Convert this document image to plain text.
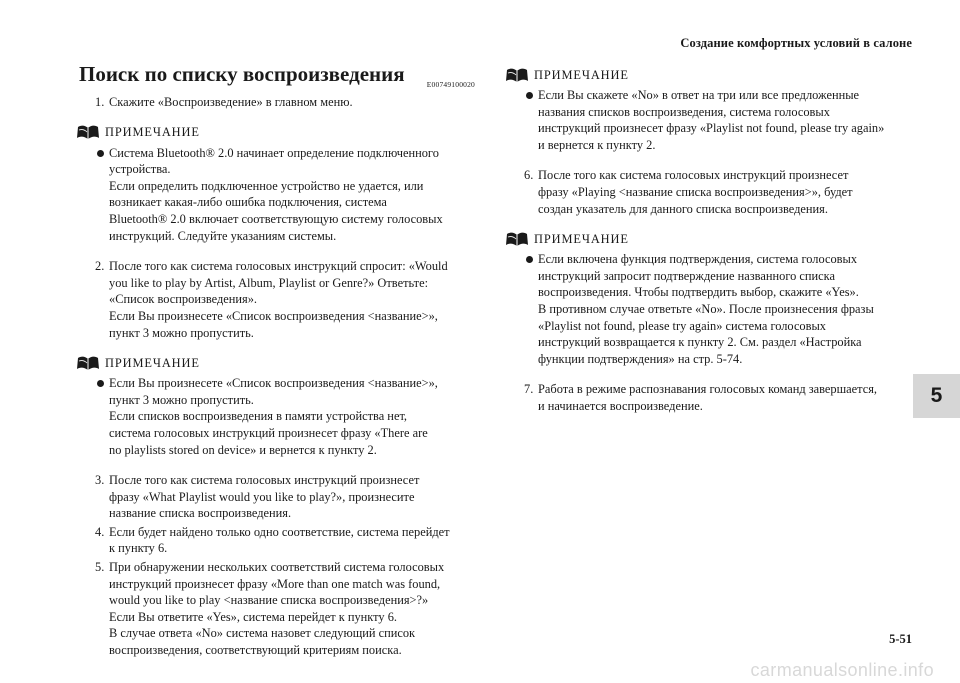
Создание комфортных условий в салоне
Поиск по списку воспроизведения	E00749100020
1. Скажите «Воспроизведение» в главном меню.
ПРИМЕЧАНИЕ
Система Bluetooth® 2.0 начинает определение подключенного
устройства.
Если определить подключенное устройство не удается, или
возникает какая-либо ошибка подключения, система
Bluetooth® 2.0 включает соответствующую систему голосовых
инструкций. Следуйте указаниям системы.
2. После того как система голосовых инструкций спросит: «Would
you like to play by Artist, Album, Playlist or Genre?» Ответьте:
«Список воспроизведения».
Если Вы произнесете «Список воспроизведения <название>»,
пункт 3 можно пропустить.
ПРИМЕЧАНИЕ
Если Вы произнесете «Список воспроизведения <название>»,
пункт 3 можно пропустить.
Если списков воспроизведения в памяти устройства нет,
система голосовых инструкций произнесет фразу «There are
no playlists stored on device» и вернется к пункту 2.
3. После того как система голосовых инструкций произнесет
фразу «What Playlist would you like to play?», произнесите
название списка воспроизведения.
4. Если будет найдено только одно соответствие, система перейдет
к пункту 6.
5. При обнаружении нескольких соответствий система голосовых
инструкций произнесет фразу «More than one match was found,
would you like to play <название списка воспроизведения>?»
Если Вы ответите «Yes», система перейдет к пункту 6.
В случае ответа «No» система назовет следующий список
воспроизведения, соответствующий критериям поиска.
ПРИМЕЧАНИЕ
Если Вы скажете «No» в ответ на три или все предложенные
названия списков воспроизведения, система голосовых
инструкций произнесет фразу «Playlist not found, please try again»
и вернется к пункту 2.
6. После того как система голосовых инструкций произнесет
фразу «Playing <название списка воспроизведения>», будет
создан указатель для данного списка воспроизведения.
ПРИМЕЧАНИЕ
Если включена функция подтверждения, система голосовых
инструкций запросит подтверждение названного списка
воспроизведения. Чтобы подтвердить выбор, скажите «Yes».
В противном случае ответьте «No». После произнесения фразы
«Playlist not found, please try again» система голосовых
инструкций возвращается к пункту 2. См. раздел «Настройка
функции подтверждения» на стр. 5-74.
7. Работа в режиме распознавания голосовых команд завершается,
и начинается воспроизведение.	5
5-51
carmanualsonline.info
